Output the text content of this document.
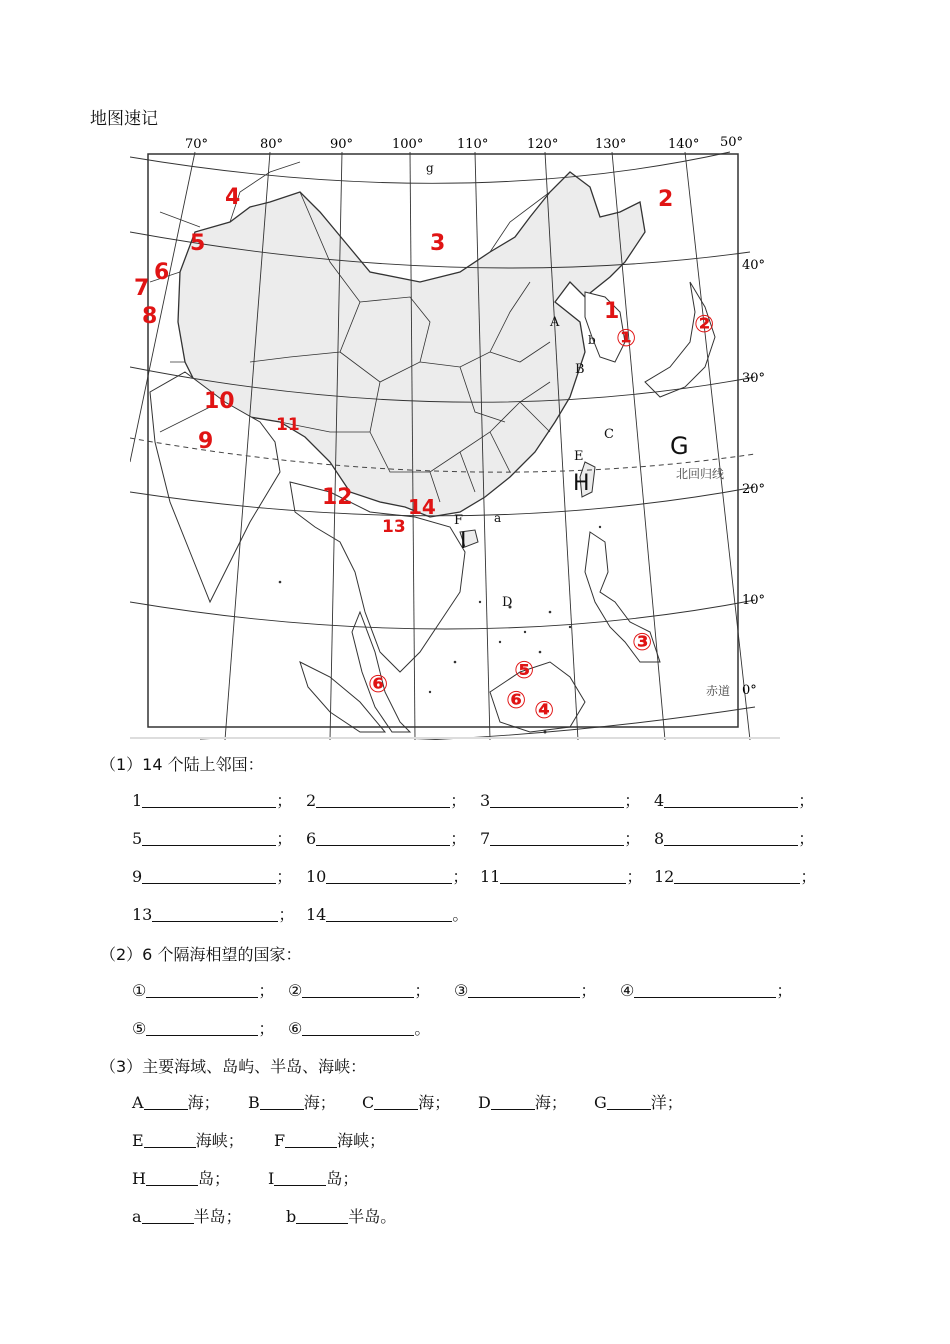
地图速记
70°	80°	90°	100°	110°	120°	130°	140° 50°
40°
30°
20°
10°
0°
北回归线
赤道
1
2
3
4
5
6
7
8
9
10
11
12
13
14
① ②
③
④
⑤
⑥
⑥
A
B
C
D
E
F
G
H
I
a
b
g
（1）14 个陆上邻国：
1	； 2	； 3	； 4	；
5	； 6	； 7	； 8	；
9	； 10	； 11	； 12	；
13	； 14	。
（2）6 个隔海相望的国家：
①	； ②	； ③	； ④	；
⑤	； ⑥	。
（3）主要海域、岛屿、半岛、海峡：
A	海； B	海； C	海； D	海； G	洋；
E	海峡； F	海峡；
H	岛； I	岛；
a	半岛；	b	半岛。
